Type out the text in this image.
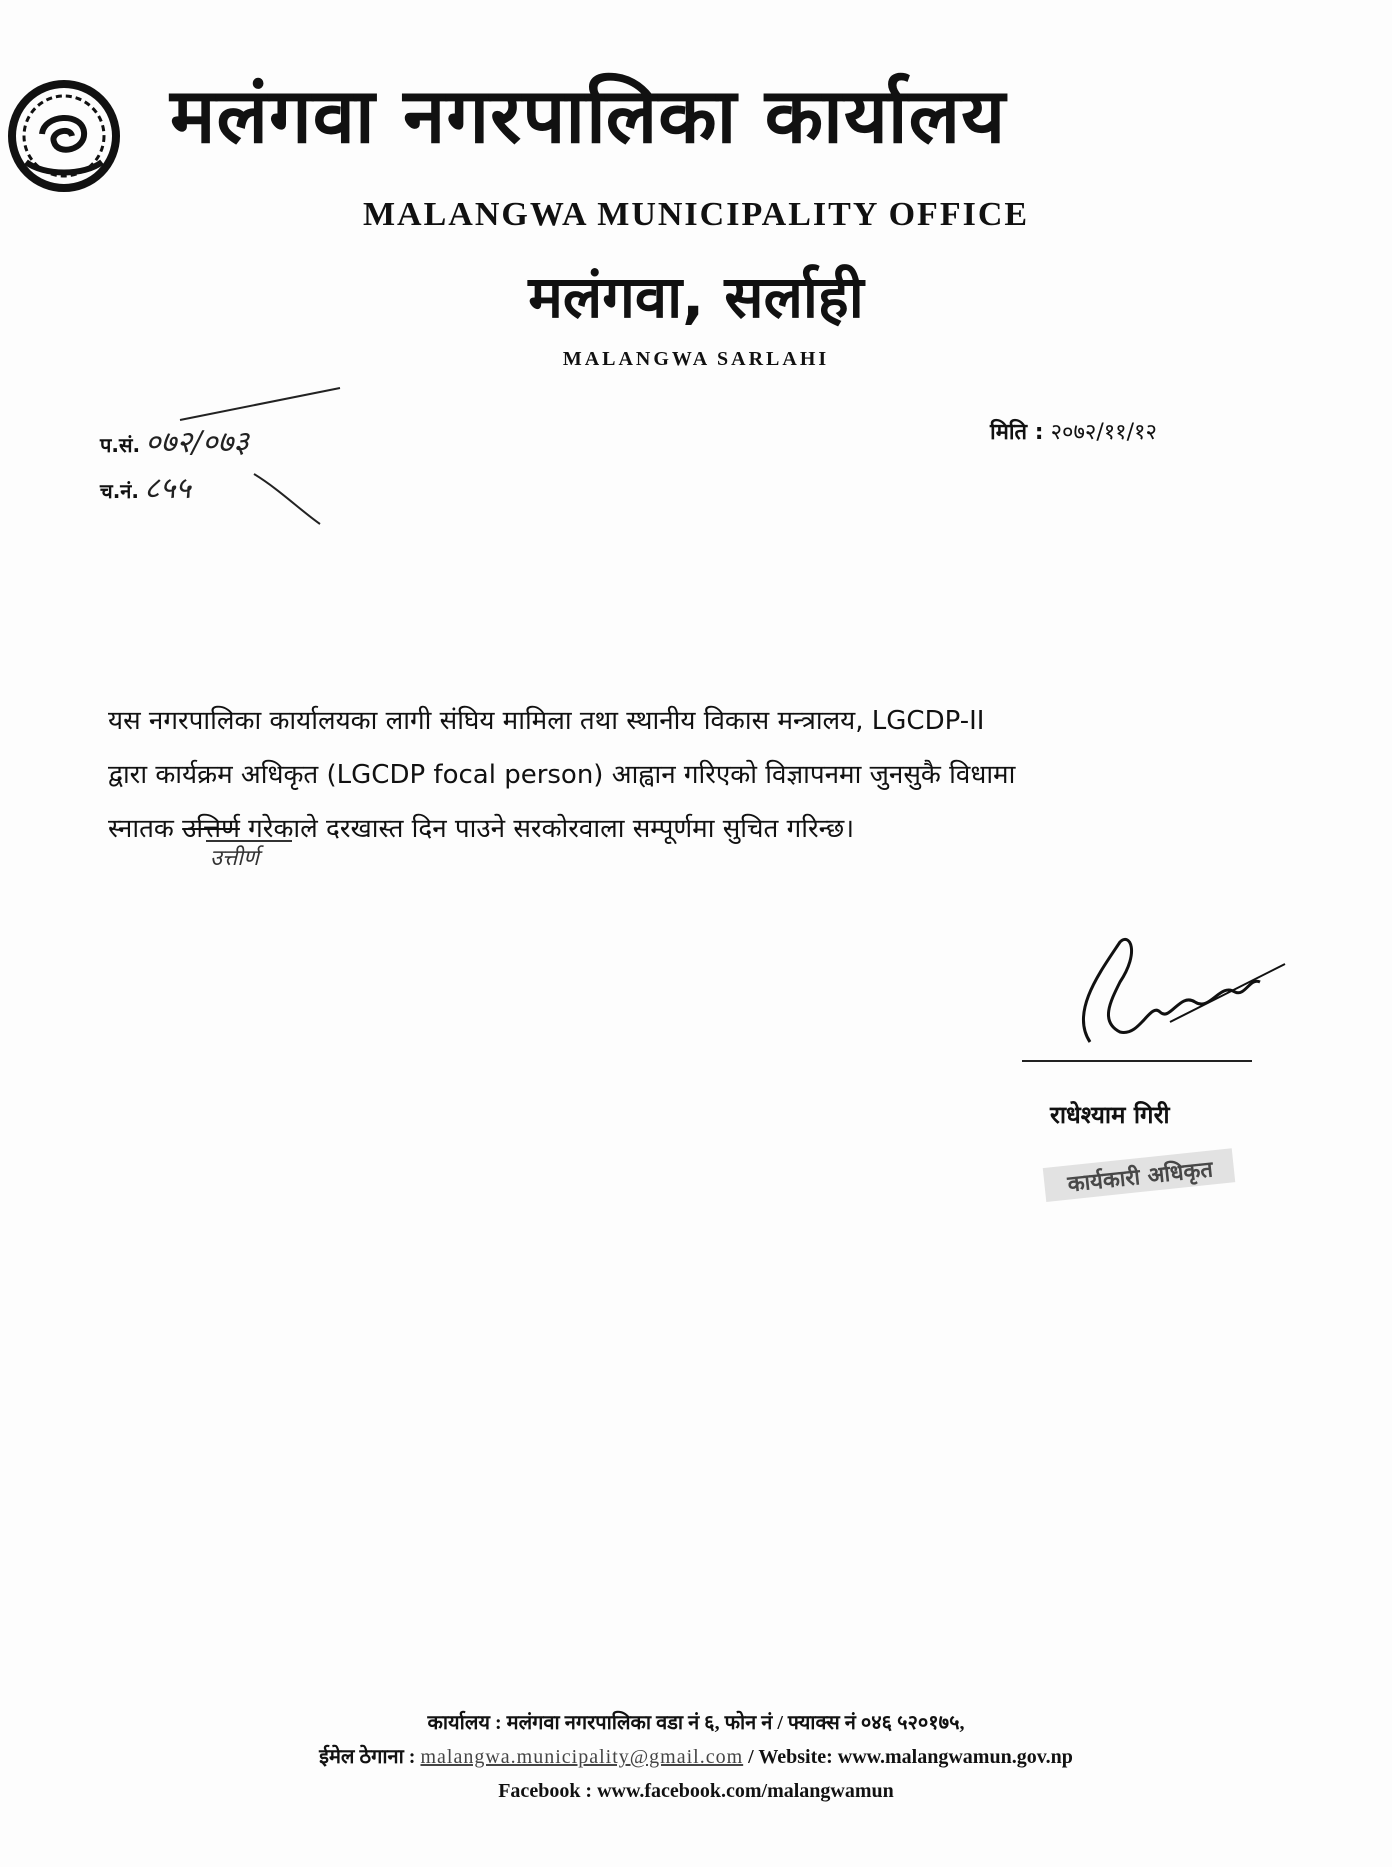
मलंगवा नगरपालिका कार्यालय
MALANGWA MUNICIPALITY OFFICE
मलंगवा, सर्लाही
MALANGWA SARLAHI
प.सं. ०७२/०७३
च.नं. ८५५
मिति : २०७२/११/१२

यस नगरपालिका कार्यालयका लागी संघिय मामिला तथा स्थानीय विकास मन्त्रालय, LGCDP-II

द्वारा कार्यक्रम अधिकृत (LGCDP focal person) आह्वान गरिएको विज्ञापनमा जुनसुकै विधामा

स्नातक उत्तिर्ण गरेकाले दरखास्त दिन पाउने सरकोरवाला सम्पूर्णमा सुचित गरिन्छ।

उत्तीर्ण
राधेश्याम गिरी
कार्यकारी अधिकृत
कार्यालय : मलंगवा नगरपालिका वडा नं ६, फोन नं / फ्याक्स नं ०४६ ५२०१७५,
ईमेल ठेगाना : malangwa.municipality@gmail.com / Website: www.malangwamun.gov.np
Facebook : www.facebook.com/malangwamun
